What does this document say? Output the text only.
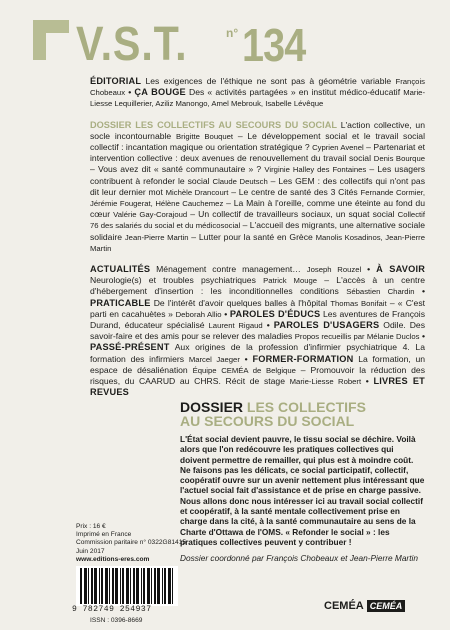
V.S.T.	n° 134

ÉDITORIAL Les exigences de l'éthique ne sont pas à géométrie variable François Chobeaux • ÇA BOUGE Des « activités partagées » en institut médico-éducatif Marie-Liesse Lequillerier, Aziliz Manongo, Amel Mebrouk, Isabelle Lévêque

DOSSIER LES COLLECTIFS AU SECOURS DU SOCIAL L'action collective, un socle incontournable Brigitte Bouquet – Le développement social et le travail social collectif : incantation magique ou orientation stratégique ? Cyprien Avenel – Partenariat et intervention collective : deux avenues de renouvellement du travail social Denis Bourque – Vous avez dit « santé communautaire » ? Virginie Halley des Fontaines – Les usagers contribuent à refonder le social Claude Deutsch – Les GEM : des collectifs qui n'ont pas dit leur dernier mot Michèle Drancourt – Le centre de santé des 3 Cités Fernande Cormier, Jérémie Fougerat, Hélène Cauchemez – La Main à l'oreille, comme une éteinte au fond du cœur Valérie Gay-Corajoud – Un collectif de travailleurs sociaux, un squat social Collectif 76 des salariés du social et du médicosocial – L'accueil des migrants, une alternative sociale solidaire Jean-Pierre Martin – Lutter pour la santé en Grèce Manolis Kosadinos, Jean-Pierre Martin

ACTUALITÉS Ménagement contre management… Joseph Rouzel • À SAVOIR Neurologie(s) et troubles psychiatriques Patrick Mouge – L'accès à un centre d'hébergement d'insertion : les inconditionnelles conditions Sébastien Chardin • PRATICABLE De l'intérêt d'avoir quelques balles à l'hôpital Thomas Bonifait – « C'est parti en cacahuètes » Deborah Allio • PAROLES D'ÉDUCS Les aventures de François Durand, éducateur spécialisé Laurent Rigaud • PAROLES D'USAGERS Odile. Des savoir-faire et des amis pour se relever des maladies Propos recueillis par Mélanie Duclos • PASSÉ-PRÉSENT Aux origines de la profession d'infirmier psychiatrique 4. La formation des infirmiers Marcel Jaeger • FORMER-FORMATION La formation, un espace de désaliénation Équipe CEMÉA de Belgique – Promouvoir la réduction des risques, du CAARUD au CHRS. Récit de stage Marie-Liesse Robert • LIVRES ET REVUES

DOSSIER LES COLLECTIFS
AU SECOURS DU SOCIAL
L'État social devient pauvre, le tissu social se déchire. Voilà alors que l'on redécouvre les pratiques collectives qui doivent permettre de remailler, qui plus est à moindre coût. Ne faisons pas les délicats, ce social participatif, collectif, coopératif ouvre sur un avenir nettement plus intéressant que l'actuel social fait d'assistance et de prise en charge passive. Nous allons donc nous intéresser ici au travail social collectif et coopératif, à la santé mentale collectivement prise en charge dans la cité, à la santé communautaire au sens de la Charte d'Ottawa de l'OMS. « Refonder le social » : les pratiques collectives peuvent y contribuer !
Dossier coordonné par François Chobeaux et Jean-Pierre Martin
Prix : 16 €
Imprimé en France
Commission paritaire n° 0322G81415
Juin 2017
www.editions-eres.com
9 782749 254937
ISSN : 0396-8669
CEMÉA CEMÉA
